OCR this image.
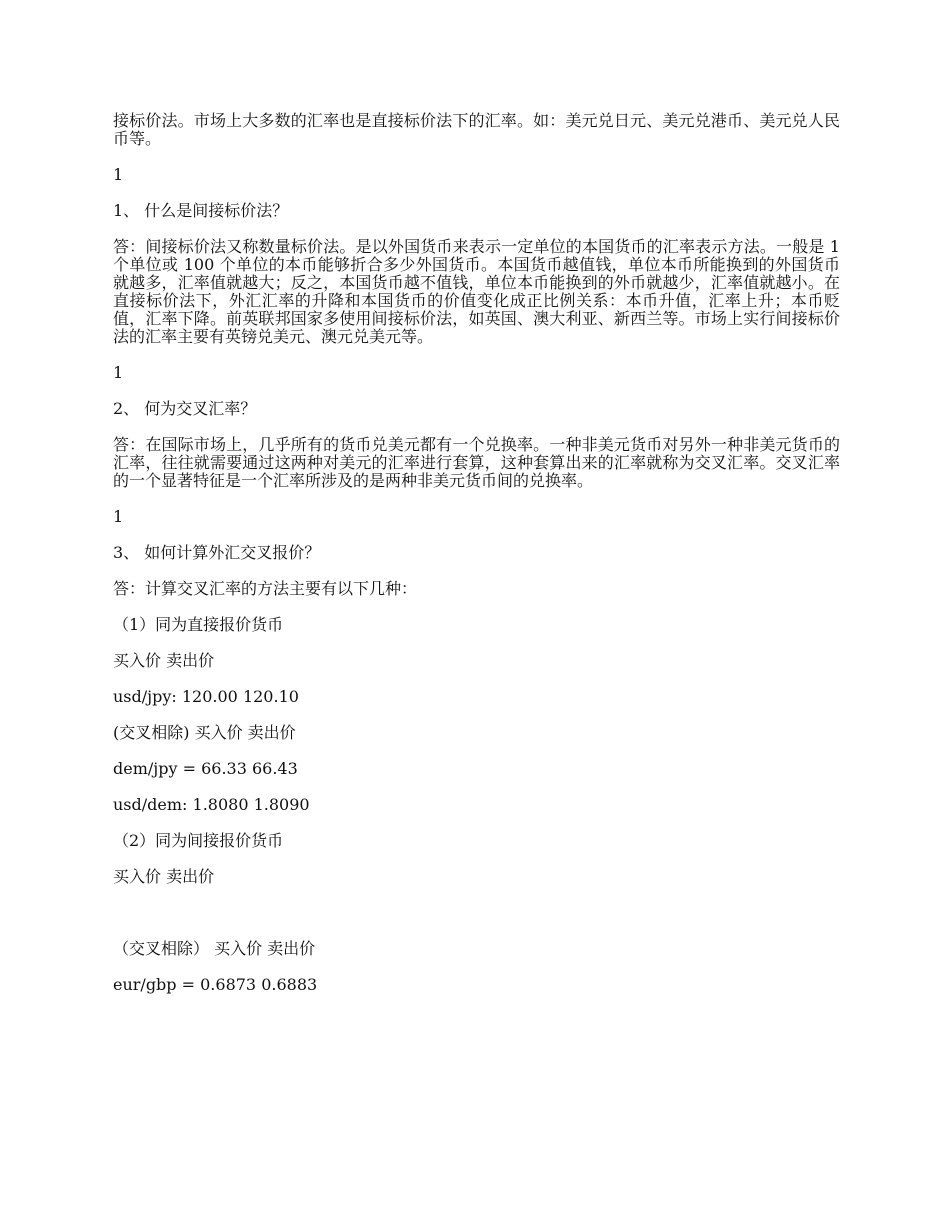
接标价法。市场上大多数的汇率也是直接标价法下的汇率。如：美元兑日元、美元兑港币、美元兑人民币等。

1

1、 什么是间接标价法？

答：间接标价法又称数量标价法。是以外国货币来表示一定单位的本国货币的汇率表示方法。一般是 1 个单位或 100 个单位的本币能够折合多少外国货币。本国货币越值钱，单位本币所能换到的外国货币就越多，汇率值就越大；反之，本国货币越不值钱，单位本币能换到的外币就越少，汇率值就越小。在直接标价法下，外汇汇率的升降和本国货币的价值变化成正比例关系：本币升值，汇率上升；本币贬值，汇率下降。前英联邦国家多使用间接标价法，如英国、澳大利亚、新西兰等。市场上实行间接标价法的汇率主要有英镑兑美元、澳元兑美元等。

1

2、 何为交叉汇率？

答：在国际市场上，几乎所有的货币兑美元都有一个兑换率。一种非美元货币对另外一种非美元货币的汇率，往往就需要通过这两种对美元的汇率进行套算，这种套算出来的汇率就称为交叉汇率。交叉汇率的一个显著特征是一个汇率所涉及的是两种非美元货币间的兑换率。

1

3、 如何计算外汇交叉报价？

答：计算交叉汇率的方法主要有以下几种：

（1）同为直接报价货币

买入价 卖出价

usd/jpy: 120.00 120.10

(交叉相除) 买入价 卖出价

dem/jpy = 66.33 66.43

usd/dem: 1.8080 1.8090

（2）同为间接报价货币

买入价 卖出价

（交叉相除） 买入价 卖出价

eur/gbp = 0.6873 0.6883
